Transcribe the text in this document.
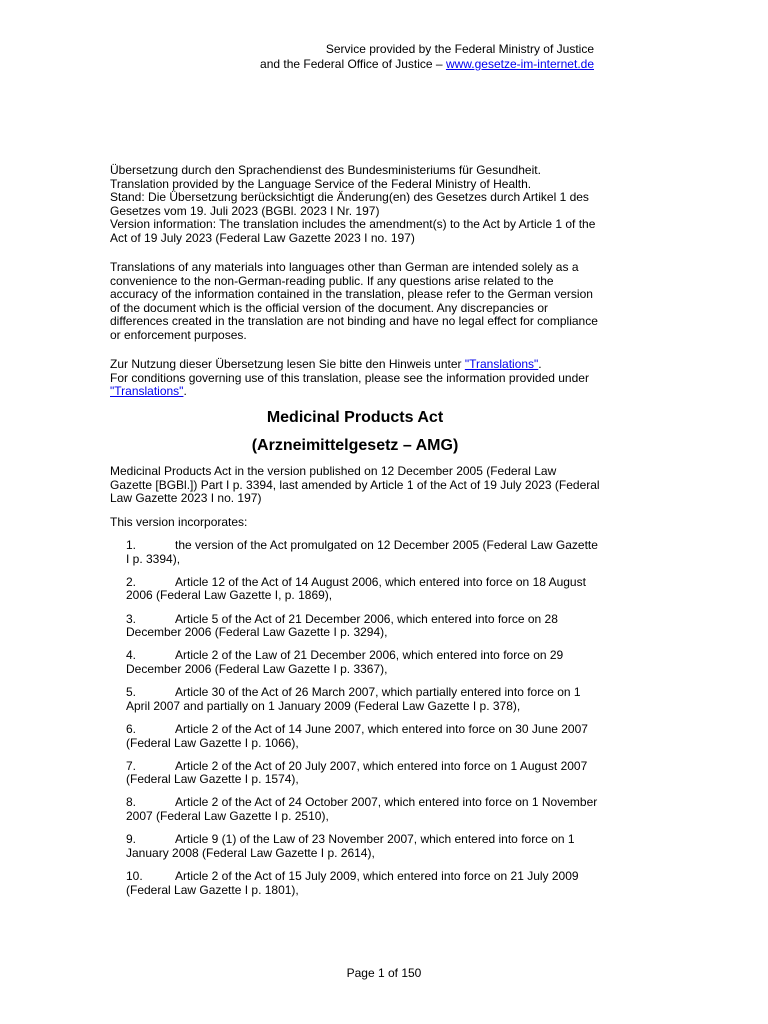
Service provided by the Federal Ministry of Justice
and the Federal Office of Justice – www.gesetze-im-internet.de
Übersetzung durch den Sprachendienst des Bundesministeriums für Gesundheit.
Translation provided by the Language Service of the Federal Ministry of Health.
Stand: Die Übersetzung berücksichtigt die Änderung(en) des Gesetzes durch Artikel 1 des
Gesetzes vom 19. Juli 2023 (BGBl. 2023 I Nr. 197)
Version information: The translation includes the amendment(s) to the Act by Article 1 of the
Act of 19 July 2023 (Federal Law Gazette 2023 I no. 197)
Translations of any materials into languages other than German are intended solely as a convenience to the non-German-reading public. If any questions arise related to the accuracy of the information contained in the translation, please refer to the German version of the document which is the official version of the document. Any discrepancies or differences created in the translation are not binding and have no legal effect for compliance or enforcement purposes.
Zur Nutzung dieser Übersetzung lesen Sie bitte den Hinweis unter "Translations".
For conditions governing use of this translation, please see the information provided under "Translations".
Medicinal Products Act
(Arzneimittelgesetz – AMG)
Medicinal Products Act in the version published on 12 December 2005 (Federal Law Gazette [BGBl.]) Part I p. 3394, last amended by Article 1 of the Act of 19 July 2023 (Federal Law Gazette 2023 I no. 197)
This version incorporates:
1.	the version of the Act promulgated on 12 December 2005 (Federal Law Gazette I p. 3394),
2.	Article 12 of the Act of 14 August 2006, which entered into force on 18 August 2006 (Federal Law Gazette I, p. 1869),
3.	Article 5 of the Act of 21 December 2006, which entered into force on 28 December 2006 (Federal Law Gazette I p. 3294),
4.	Article 2 of the Law of 21 December 2006, which entered into force on 29 December 2006 (Federal Law Gazette I p. 3367),
5.	Article 30 of the Act of 26 March 2007, which partially entered into force on 1 April 2007 and partially on 1 January 2009 (Federal Law Gazette I p. 378),
6.	Article 2 of the Act of 14 June 2007, which entered into force on 30 June 2007 (Federal Law Gazette I p. 1066),
7.	Article 2 of the Act of 20 July 2007, which entered into force on 1 August 2007 (Federal Law Gazette I p. 1574),
8.	Article 2 of the Act of 24 October 2007, which entered into force on 1 November 2007 (Federal Law Gazette I p. 2510),
9.	Article 9 (1) of the Law of 23 November 2007, which entered into force on 1 January 2008 (Federal Law Gazette I p. 2614),
10.	Article 2 of the Act of 15 July 2009, which entered into force on 21 July 2009 (Federal Law Gazette I p. 1801),
Page 1 of 150
